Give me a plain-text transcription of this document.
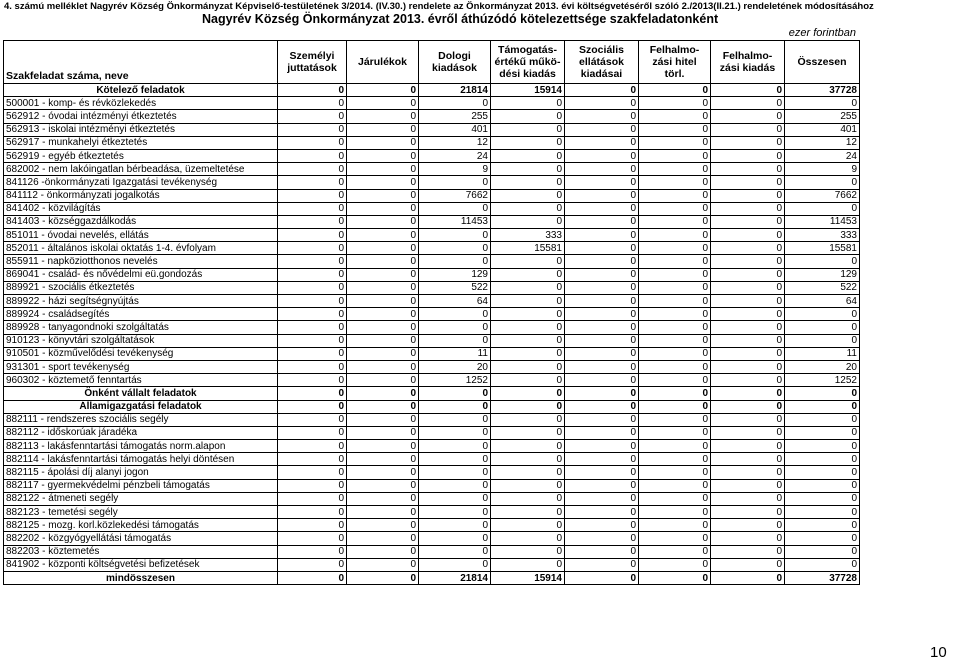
4. számú melléklet Nagyrév Község Önkormányzat Képviselő-testületének 3/2014. (IV.30.) rendelete az Önkormányzat 2013. évi költségvetéséről szóló 2./2013(II.21.) rendeletének módosításához
Nagyrév Község Önkormányzat 2013. évről áthúzódó kötelezettsége szakfeladatonként
ezer forintban
Szakfeladat száma, neve	Személyi juttatások	Járulékok	Dologi kiadások	Támogatás-értékű műkö-dési kiadás	Szociális ellátások kiadásai	Felhalmo-zási hitel törl.	Felhalmo-zási kiadás	Összesen
Kötelező feladatok	0	0	21814	15914	0	0	0	37728
500001 - komp- és révközlekedés	0	0	0	0	0	0	0	0
562912 - óvodai intézményi étkeztetés	0	0	255	0	0	0	0	255
562913 - iskolai intézményi étkeztetés	0	0	401	0	0	0	0	401
562917 - munkahelyi étkeztetés	0	0	12	0	0	0	0	12
562919 - egyéb étkeztetés	0	0	24	0	0	0	0	24
682002 - nem lakóingatlan bérbeadása, üzemeltetése	0	0	9	0	0	0	0	9
841126 -önkormányzati Igazgatási tevékenység	0	0	0	0	0	0	0	0
841112 - önkormányzati jogalkotás	0	0	7662	0	0	0	0	7662
841402 - közvilágítás	0	0	0	0	0	0	0	0
841403 - községgazdálkodás	0	0	11453	0	0	0	0	11453
851011 - óvodai nevelés, ellátás	0	0	0	333	0	0	0	333
852011 - általános iskolai oktatás 1-4. évfolyam	0	0	0	15581	0	0	0	15581
855911 - napköziotthonos nevelés	0	0	0	0	0	0	0	0
869041 - család- és nővédelmi eü.gondozás	0	0	129	0	0	0	0	129
889921 - szociális étkeztetés	0	0	522	0	0	0	0	522
889922 - házi segítségnyújtás	0	0	64	0	0	0	0	64
889924 - családsegítés	0	0	0	0	0	0	0	0
889928 - tanyagondnoki szolgáltatás	0	0	0	0	0	0	0	0
910123 - könyvtári szolgáltatások	0	0	0	0	0	0	0	0
910501 - közművelődési tevékenység	0	0	11	0	0	0	0	11
931301 - sport tevékenység	0	0	20	0	0	0	0	20
960302 - köztemető fenntartás	0	0	1252	0	0	0	0	1252
Önként vállalt feladatok	0	0	0	0	0	0	0	0
Államigazgatási feladatok	0	0	0	0	0	0	0	0
882111 - rendszeres szociális segély	0	0	0	0	0	0	0	0
882112 - időskorúak járadéka	0	0	0	0	0	0	0	0
882113 - lakásfenntartási támogatás norm.alapon	0	0	0	0	0	0	0	0
882114 - lakásfenntartási támogatás helyi döntésen	0	0	0	0	0	0	0	0
882115 - ápolási díj alanyi jogon	0	0	0	0	0	0	0	0
882117 - gyermekvédelmi pénzbeli támogatás	0	0	0	0	0	0	0	0
882122 - átmeneti segély	0	0	0	0	0	0	0	0
882123 - temetési segély	0	0	0	0	0	0	0	0
882125 - mozg. korl.közlekedési támogatás	0	0	0	0	0	0	0	0
882202 - közgyógyellátási támogatás	0	0	0	0	0	0	0	0
882203 - köztemetés	0	0	0	0	0	0	0	0
841902 - központi költségvetési befizetések	0	0	0	0	0	0	0	0
mindösszesen	0	0	21814	15914	0	0	0	37728
10
